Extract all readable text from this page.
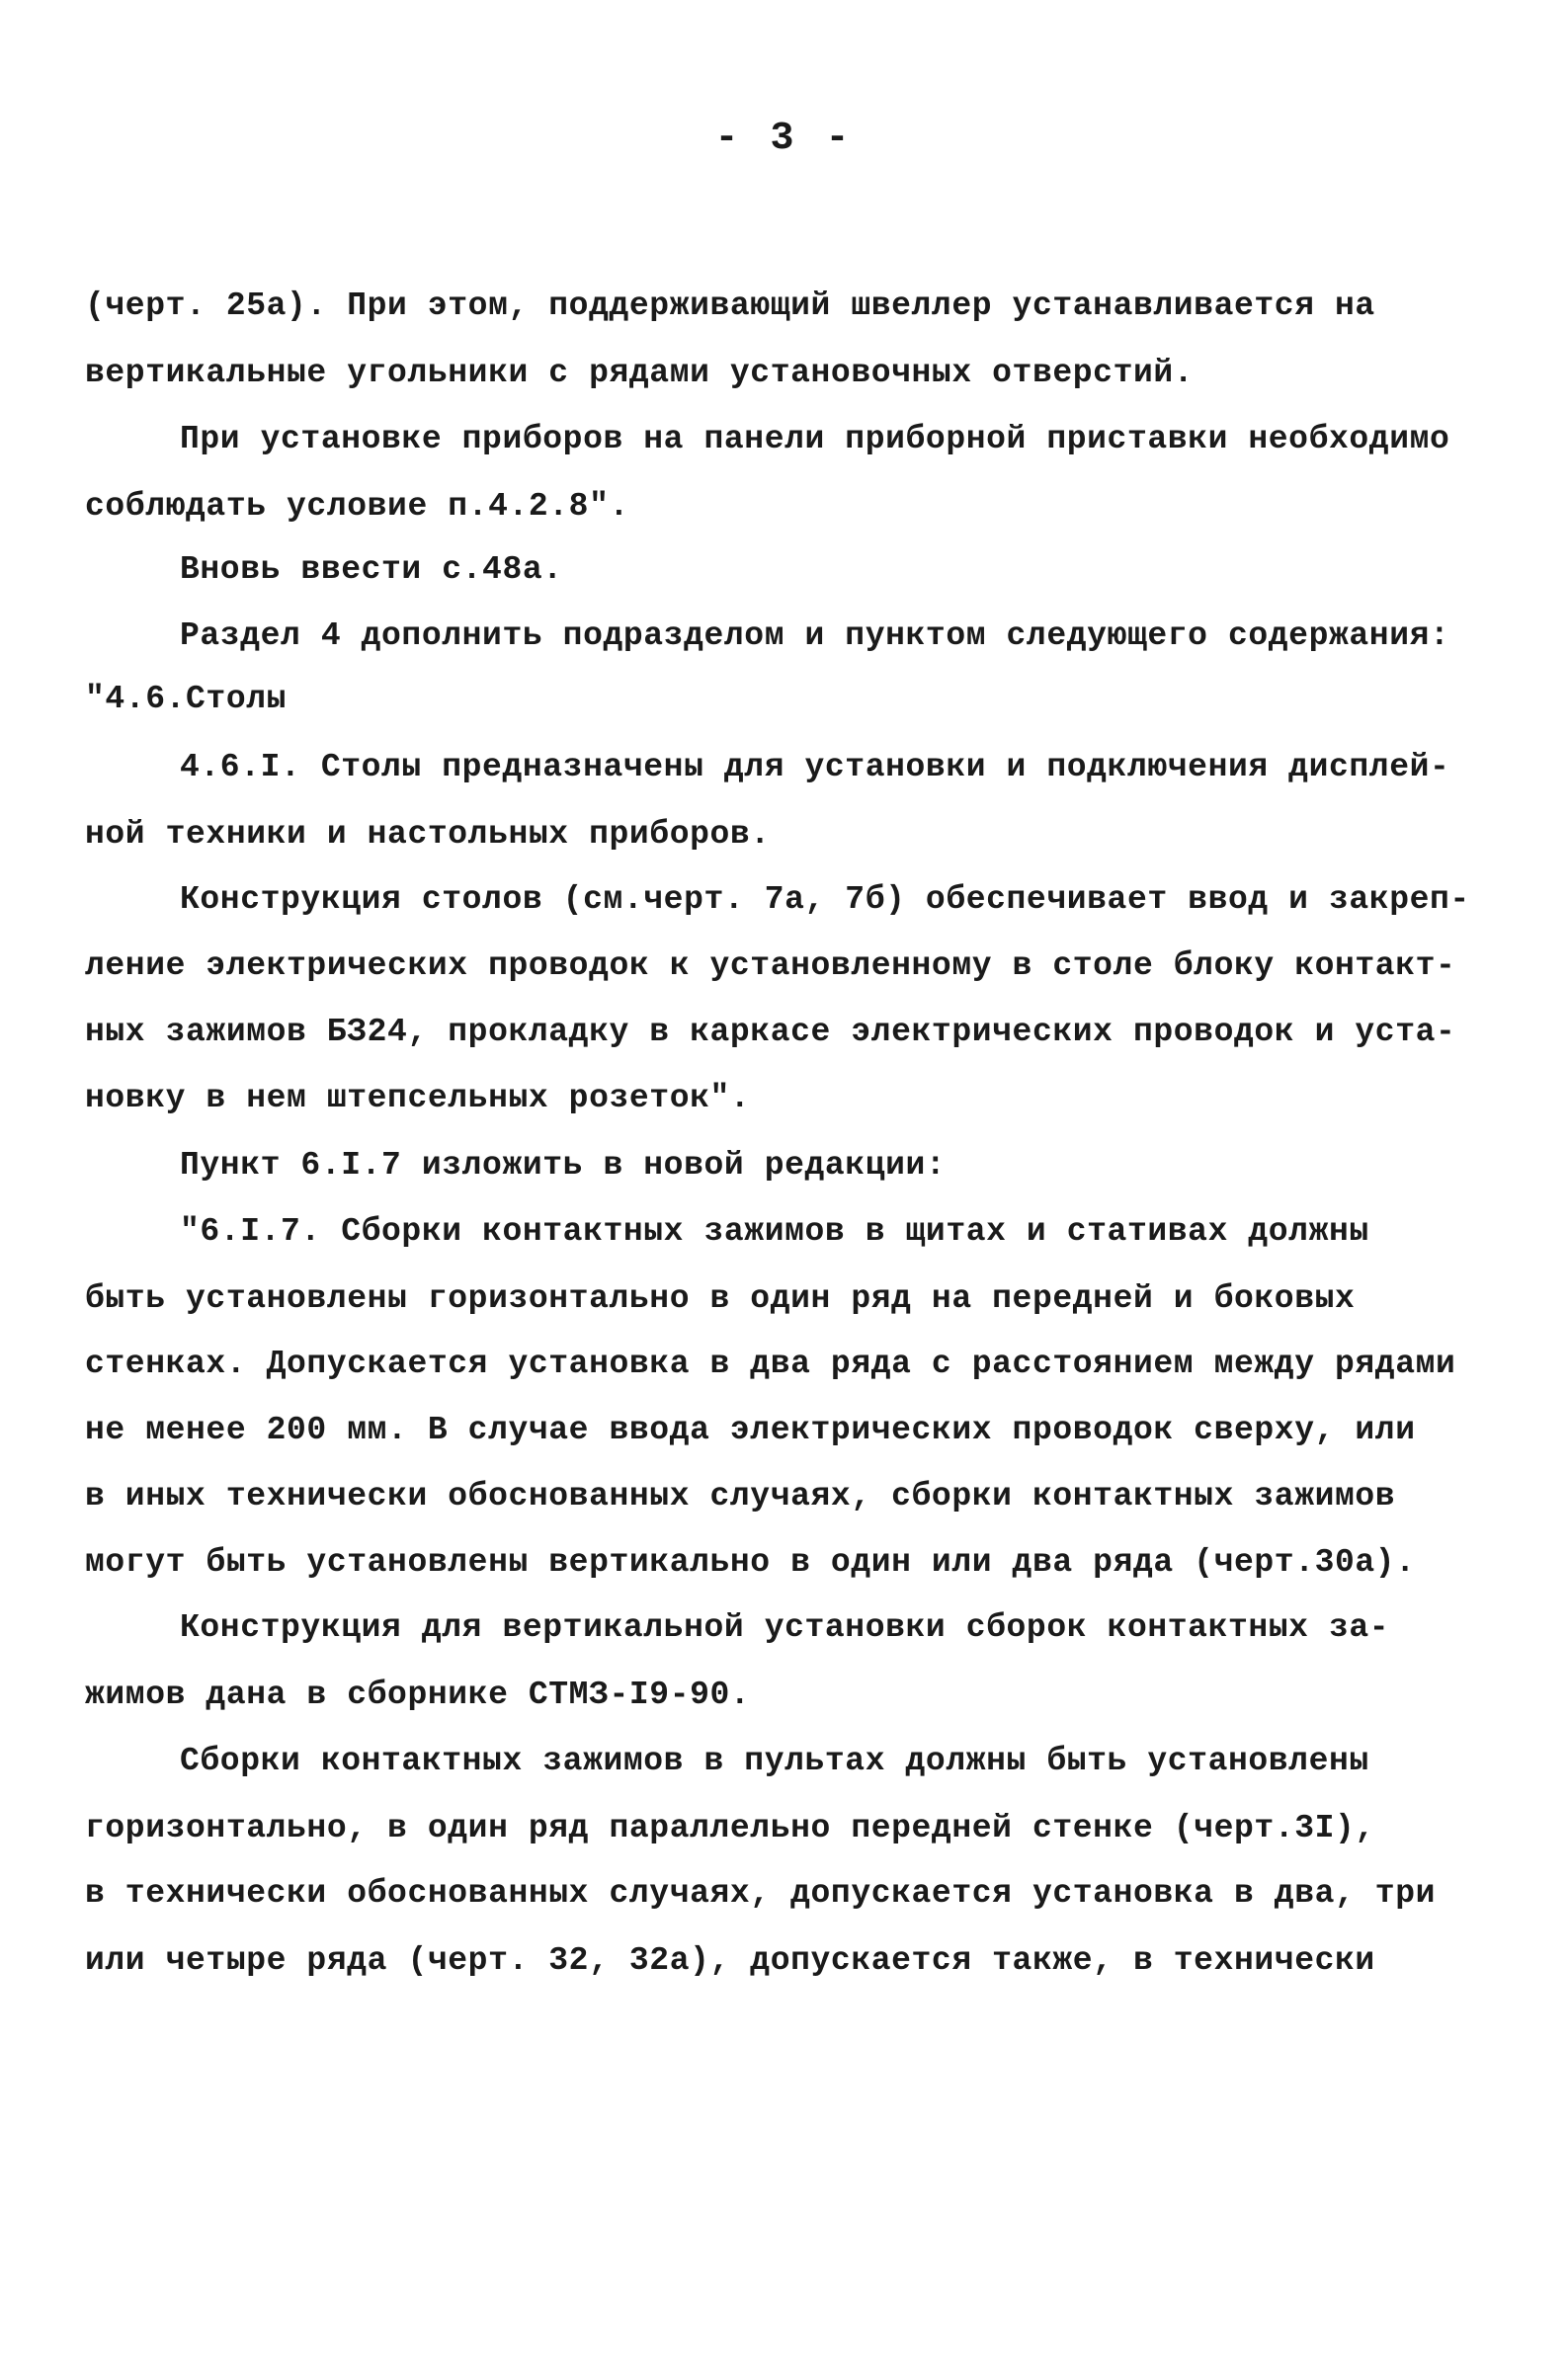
- 3 -
(черт. 25а). При этом, поддерживающий швеллер устанавливается на
вертикальные угольники с рядами установочных отверстий.
При установке приборов на панели приборной приставки необходимо
соблюдать условие п.4.2.8".
Вновь ввести с.48а.
Раздел 4 дополнить подразделом и пунктом следующего содержания:
"4.6.Столы
4.6.I. Столы предназначены для установки и подключения дисплей-
ной техники и настольных приборов.
Конструкция столов (см.черт. 7а, 7б) обеспечивает ввод и закреп-
ление электрических проводок к установленному в столе блоку контакт-
ных зажимов БЗ24, прокладку в каркасе электрических проводок и уста-
новку в нем штепсельных розеток".
Пункт 6.I.7 изложить в новой редакции:
"6.I.7. Сборки контактных зажимов в щитах и стативах должны
быть установлены горизонтально в один ряд на передней и боковых
стенках. Допускается установка в два ряда с расстоянием между рядами
не менее 200 мм. В случае ввода электрических проводок сверху, или
в иных технически обоснованных случаях, сборки контактных зажимов
могут быть установлены вертикально в один или два ряда (черт.30а).
Конструкция для вертикальной установки сборок контактных за-
жимов дана в сборнике СТМЗ-I9-90.
Сборки контактных зажимов в пультах должны быть установлены
горизонтально, в один ряд параллельно передней стенке (черт.3I),
в технически обоснованных случаях, допускается установка в два, три
или четыре ряда (черт. 32, 32а), допускается также, в технически
